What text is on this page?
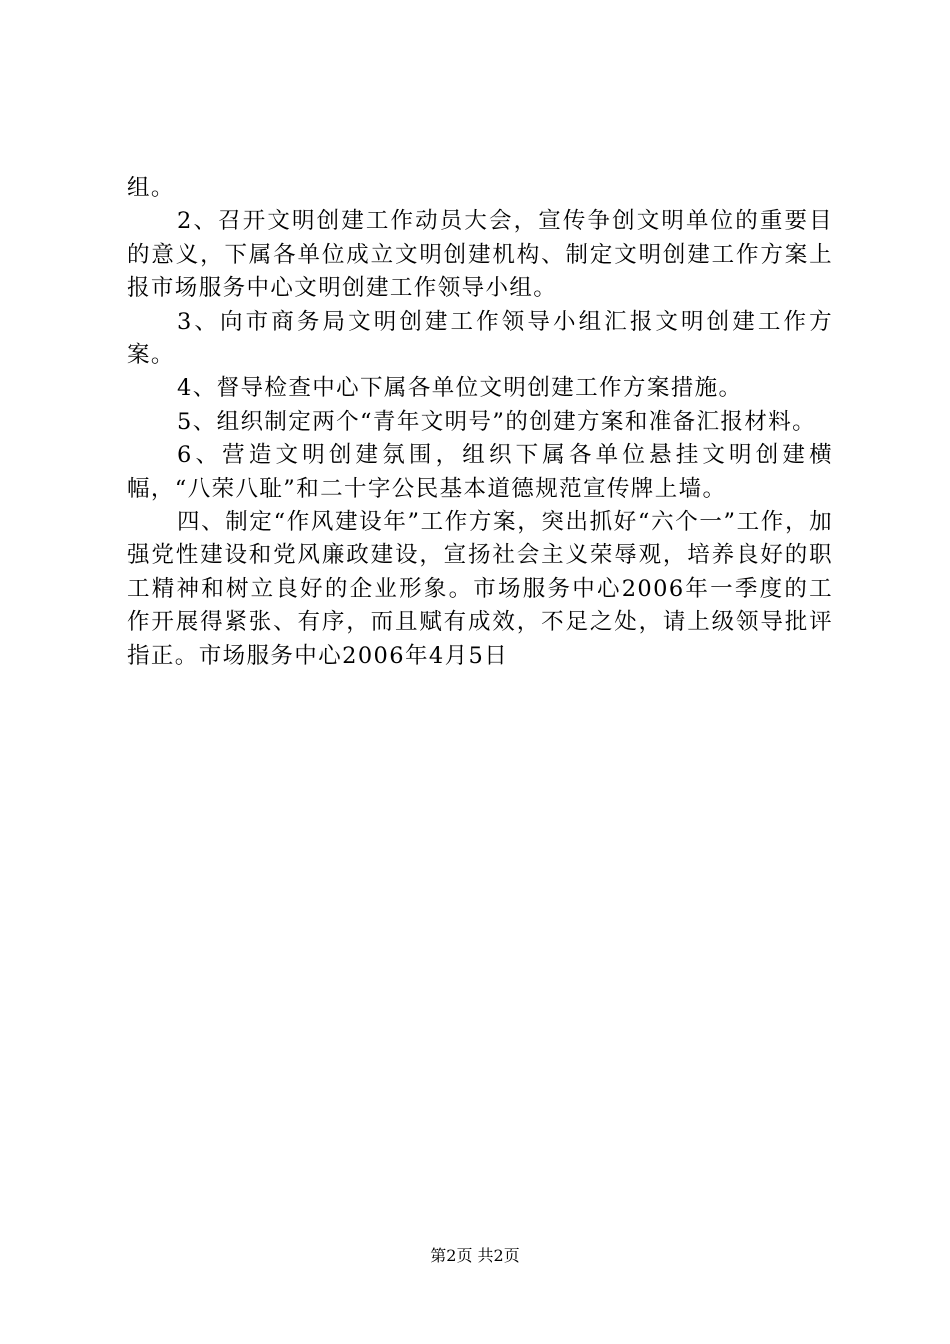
组。

2、召开文明创建工作动员大会，宣传争创文明单位的重要目的意义，下属各单位成立文明创建机构、制定文明创建工作方案上报市场服务中心文明创建工作领导小组。

3、向市商务局文明创建工作领导小组汇报文明创建工作方案。

4、督导检查中心下属各单位文明创建工作方案措施。

5、组织制定两个“青年文明号”的创建方案和准备汇报材料。

6、营造文明创建氛围，组织下属各单位悬挂文明创建横幅，“八荣八耻”和二十字公民基本道德规范宣传牌上墙。

四、制定“作风建设年”工作方案，突出抓好“六个一”工作，加强党性建设和党风廉政建设，宣扬社会主义荣辱观，培养良好的职工精神和树立良好的企业形象。市场服务中心2006年一季度的工作开展得紧张、有序，而且赋有成效，不足之处，请上级领导批评指正。市场服务中心2006年4月5日

第2页 共2页
